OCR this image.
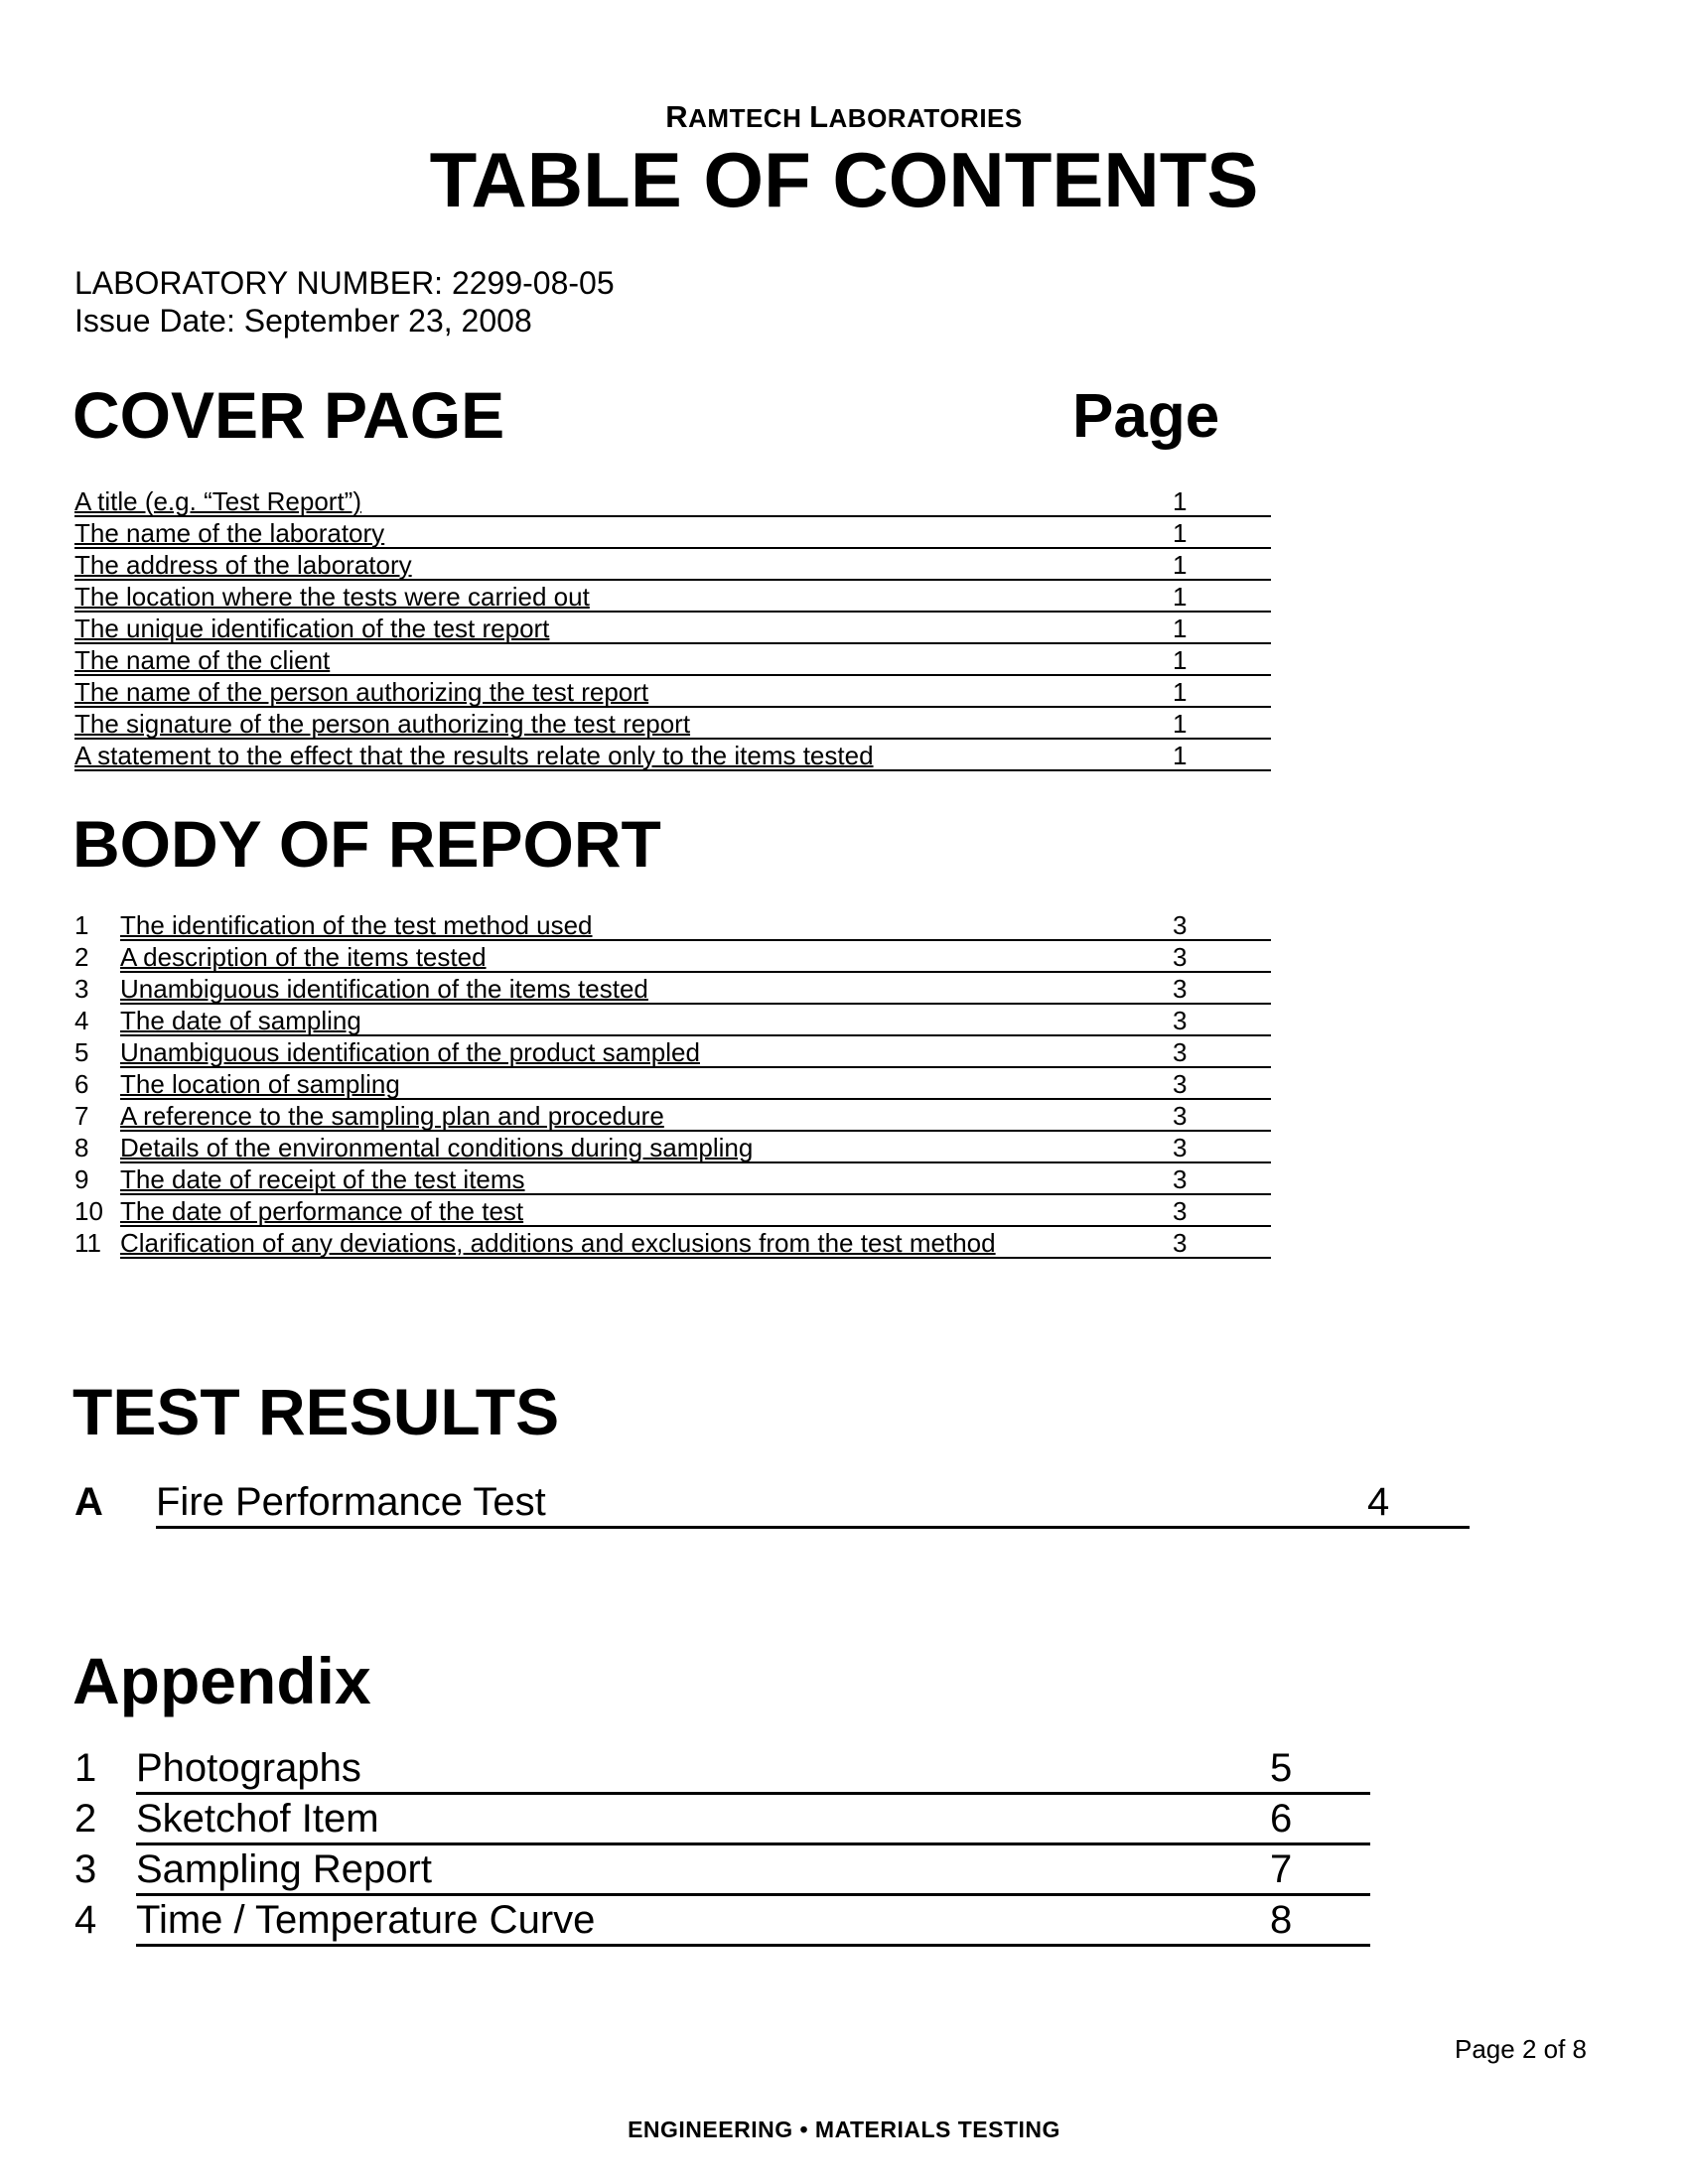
RAMTECH LABORATORIES
TABLE OF CONTENTS
LABORATORY NUMBER: 2299-08-05
Issue Date: September 23, 2008
COVER PAGE	Page
A title (e.g. “Test Report”)	1
The name of the laboratory	1
The address of the laboratory	1
The location where the tests were carried out	1
The unique identification of the test report	1
The name of the client	1
The name of the person authorizing the test report	1
The signature of the person authorizing the test report	1
A statement to the effect that the results relate only to the items tested	1
BODY OF REPORT
1 The identification of the test method used	3
2 A description of the items tested	3
3 Unambiguous identification of the items tested	3
4 The date of sampling	3
5 Unambiguous identification of the product sampled	3
6 The location of sampling	3
7 A reference to the sampling plan and procedure	3
8 Details of the environmental conditions during sampling	3
9 The date of receipt of the test items	3
10 The date of performance of the test	3
11 Clarification of any deviations, additions and exclusions from the test method	3
TEST RESULTS
A Fire Performance Test	4
Appendix
1 Photographs	5
2 Sketchof Item	6
3 Sampling Report	7
4 Time / Temperature Curve	8
Page 2 of 8
ENGINEERING • MATERIALS TESTING
